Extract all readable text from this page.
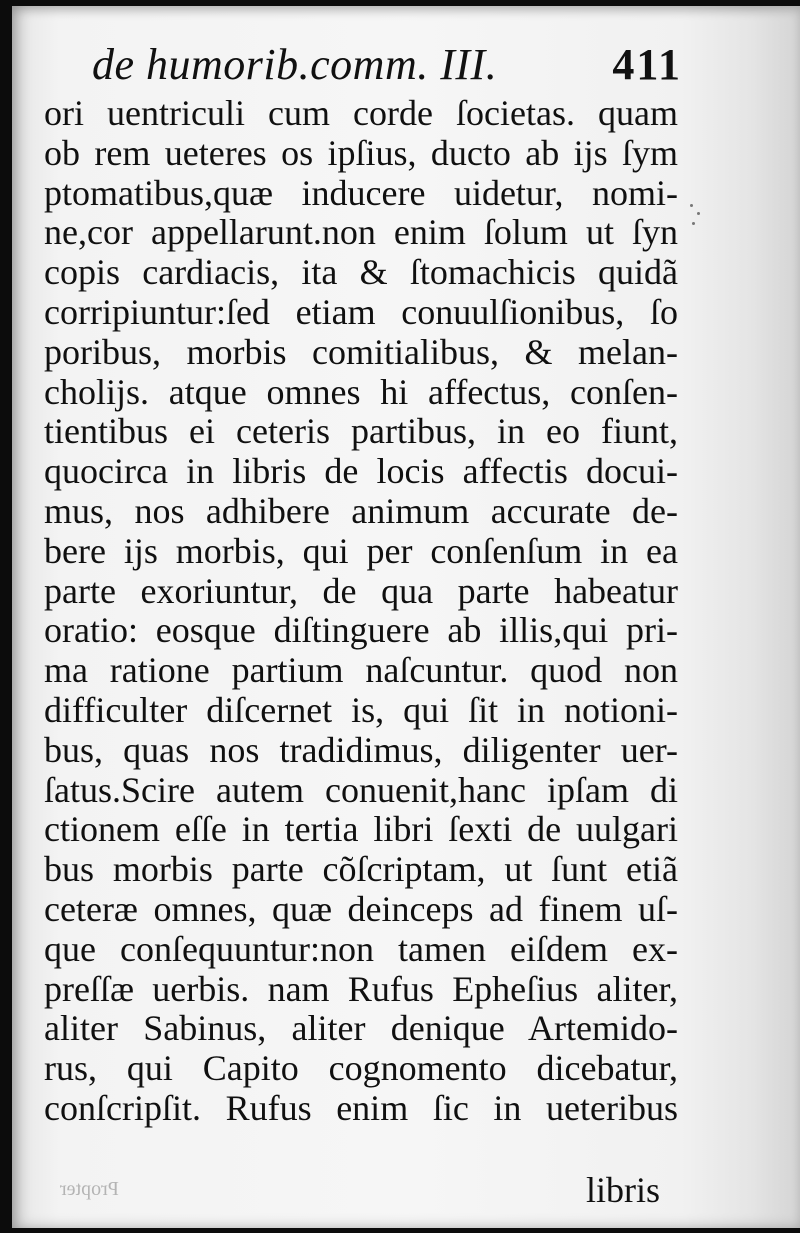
de humorib.comm. III.	411
ori uentriculi cum corde ſocietas. quam
ob rem ueteres os ipſius, ducto ab ijs ſym
ptomatibus,quæ inducere uidetur, nomi-
ne,cor appellarunt.non enim ſolum ut ſyn
copis cardiacis, ita & ſtomachicis quidã
corripiuntur:ſed etiam conuulſionibus, ſo
poribus, morbis comitialibus, & melan-
cholijs. atque omnes hi affectus, conſen-
tientibus ei ceteris partibus, in eo fiunt,
quocirca in libris de locis affectis docui-
mus, nos adhibere animum accurate de-
bere ijs morbis, qui per conſenſum in ea
parte exoriuntur, de qua parte habeatur
oratio: eosque diſtinguere ab illis,qui pri-
ma ratione partium naſcuntur. quod non
difficulter diſcernet is, qui ſit in notioni-
bus, quas nos tradidimus, diligenter uer-
ſatus.Scire autem conuenit,hanc ipſam di
ctionem eſſe in tertia libri ſexti de uulgari
bus morbis parte cõſcriptam, ut ſunt etiã
ceteræ omnes, quæ deinceps ad finem uſ-
que conſequuntur:non tamen eiſdem ex-
preſſæ uerbis. nam Rufus Epheſius aliter,
aliter Sabinus, aliter denique Artemido-
rus, qui Capito cognomento dicebatur,
conſcripſit. Rufus enim ſic in ueteribus
libris
Propter
